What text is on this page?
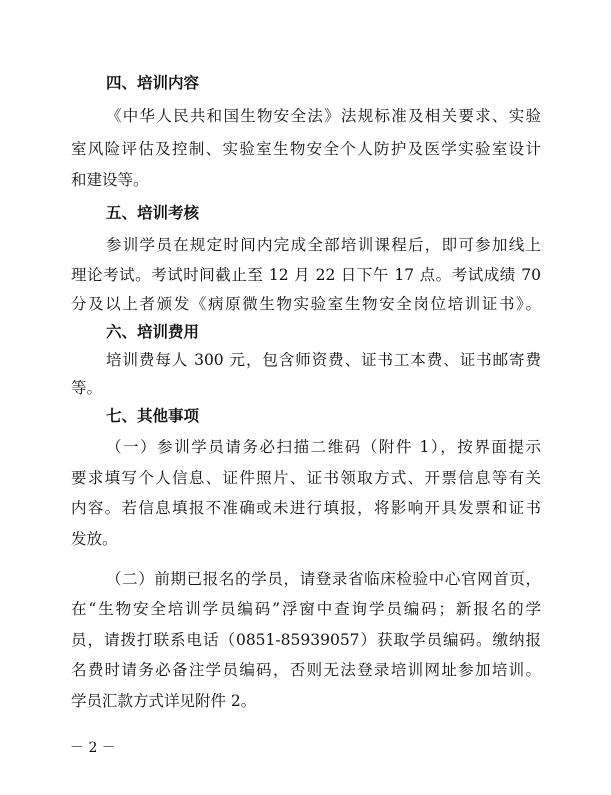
四、培训内容
《中华人民共和国生物安全法》法规标准及相关要求、实验
室风险评估及控制、实验室生物安全个人防护及医学实验室设计
和建设等。
五、培训考核
参训学员在规定时间内完成全部培训课程后，即可参加线上
理论考试。考试时间截止至 12 月 22 日下午 17 点。考试成绩 70
分及以上者颁发《病原微生物实验室生物安全岗位培训证书》。
六、培训费用
培训费每人 300 元，包含师资费、证书工本费、证书邮寄费
等。
七、其他事项
（一）参训学员请务必扫描二维码（附件 1），按界面提示
要求填写个人信息、证件照片、证书领取方式、开票信息等有关
内容。若信息填报不准确或未进行填报，将影响开具发票和证书
发放。
（二）前期已报名的学员，请登录省临床检验中心官网首页，
在“生物安全培训学员编码”浮窗中查询学员编码；新报名的学
员，请拨打联系电话（0851-85939057）获取学员编码。缴纳报
名费时请务必备注学员编码，否则无法登录培训网址参加培训。
学员汇款方式详见附件 2。
－ 2 －
